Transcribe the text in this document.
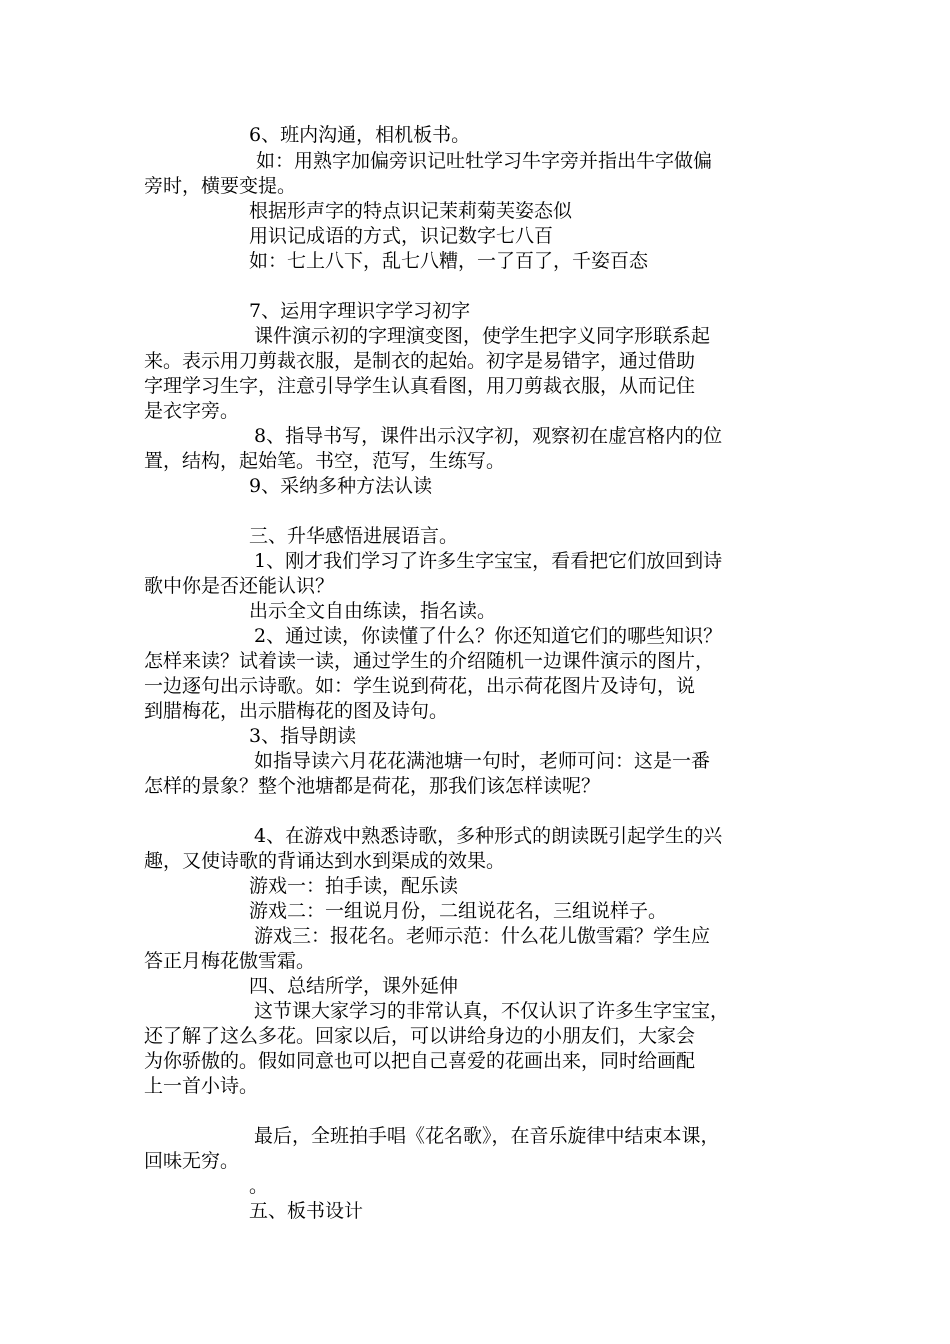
6、班内沟通，相机板书。
如：用熟字加偏旁识记吐牡学习牛字旁并指出牛字做偏
旁时，横要变提。
根据形声字的特点识记茉莉菊芙姿态似
用识记成语的方式，识记数字七八百
如：七上八下，乱七八糟，一了百了，千姿百态
7、运用字理识字学习初字
课件演示初的字理演变图，使学生把字义同字形联系起
来。表示用刀剪裁衣服，是制衣的起始。初字是易错字，通过借助
字理学习生字，注意引导学生认真看图，用刀剪裁衣服，从而记住
是衣字旁。
8、指导书写，课件出示汉字初，观察初在虚宫格内的位
置，结构，起始笔。书空，范写，生练写。
9、采纳多种方法认读
三、升华感悟进展语言。
1、刚才我们学习了许多生字宝宝，看看把它们放回到诗
歌中你是否还能认识？
出示全文自由练读，指名读。
2、通过读，你读懂了什么？你还知道它们的哪些知识？
怎样来读？试着读一读，通过学生的介绍随机一边课件演示的图片，
一边逐句出示诗歌。如：学生说到荷花，出示荷花图片及诗句，说
到腊梅花，出示腊梅花的图及诗句。
3、指导朗读
如指导读六月花花满池塘一句时，老师可问：这是一番
怎样的景象？整个池塘都是荷花，那我们该怎样读呢？
4、在游戏中熟悉诗歌，多种形式的朗读既引起学生的兴
趣，又使诗歌的背诵达到水到渠成的效果。
游戏一：拍手读，配乐读
游戏二：一组说月份，二组说花名，三组说样子。
游戏三：报花名。老师示范：什么花儿傲雪霜？学生应
答正月梅花傲雪霜。
四、总结所学，课外延伸
这节课大家学习的非常认真，不仅认识了许多生字宝宝，
还了解了这么多花。回家以后，可以讲给身边的小朋友们，大家会
为你骄傲的。假如同意也可以把自己喜爱的花画出来，同时给画配
上一首小诗。
最后，全班拍手唱《花名歌》，在音乐旋律中结束本课，
回味无穷。
。
五、板书设计
